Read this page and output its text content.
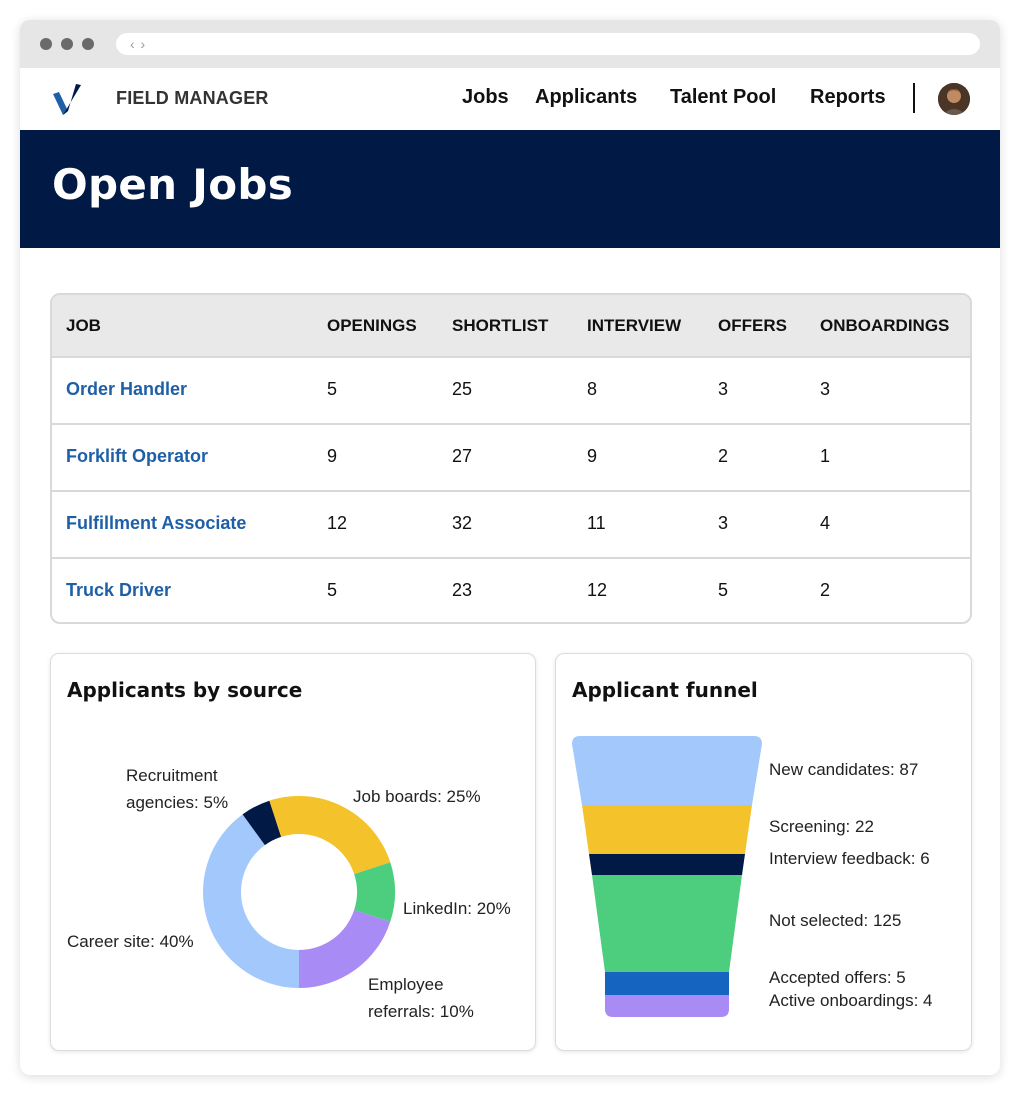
‹ ›
FIELD MANAGER	Jobs Applicants Talent Pool Reports
Open Jobs
JOB	OPENINGS SHORTLIST INTERVIEW OFFERS ONBOARDINGS
Order Handler	5	25	8	3	3
Forklift Operator	9	27	9	2	1
Fulfillment Associate	12	32	11	3	4
Truck Driver	5	23	12	5	2
Applicants by source
Job boards: 25%
LinkedIn: 20%
Employee referrals: 10%
Career site: 40%
Recruitment agencies: 5%
Applicant funnel
New candidates: 87
Screening: 22
Interview feedback: 6
Not selected: 125
Accepted offers: 5
Active onboardings: 4
